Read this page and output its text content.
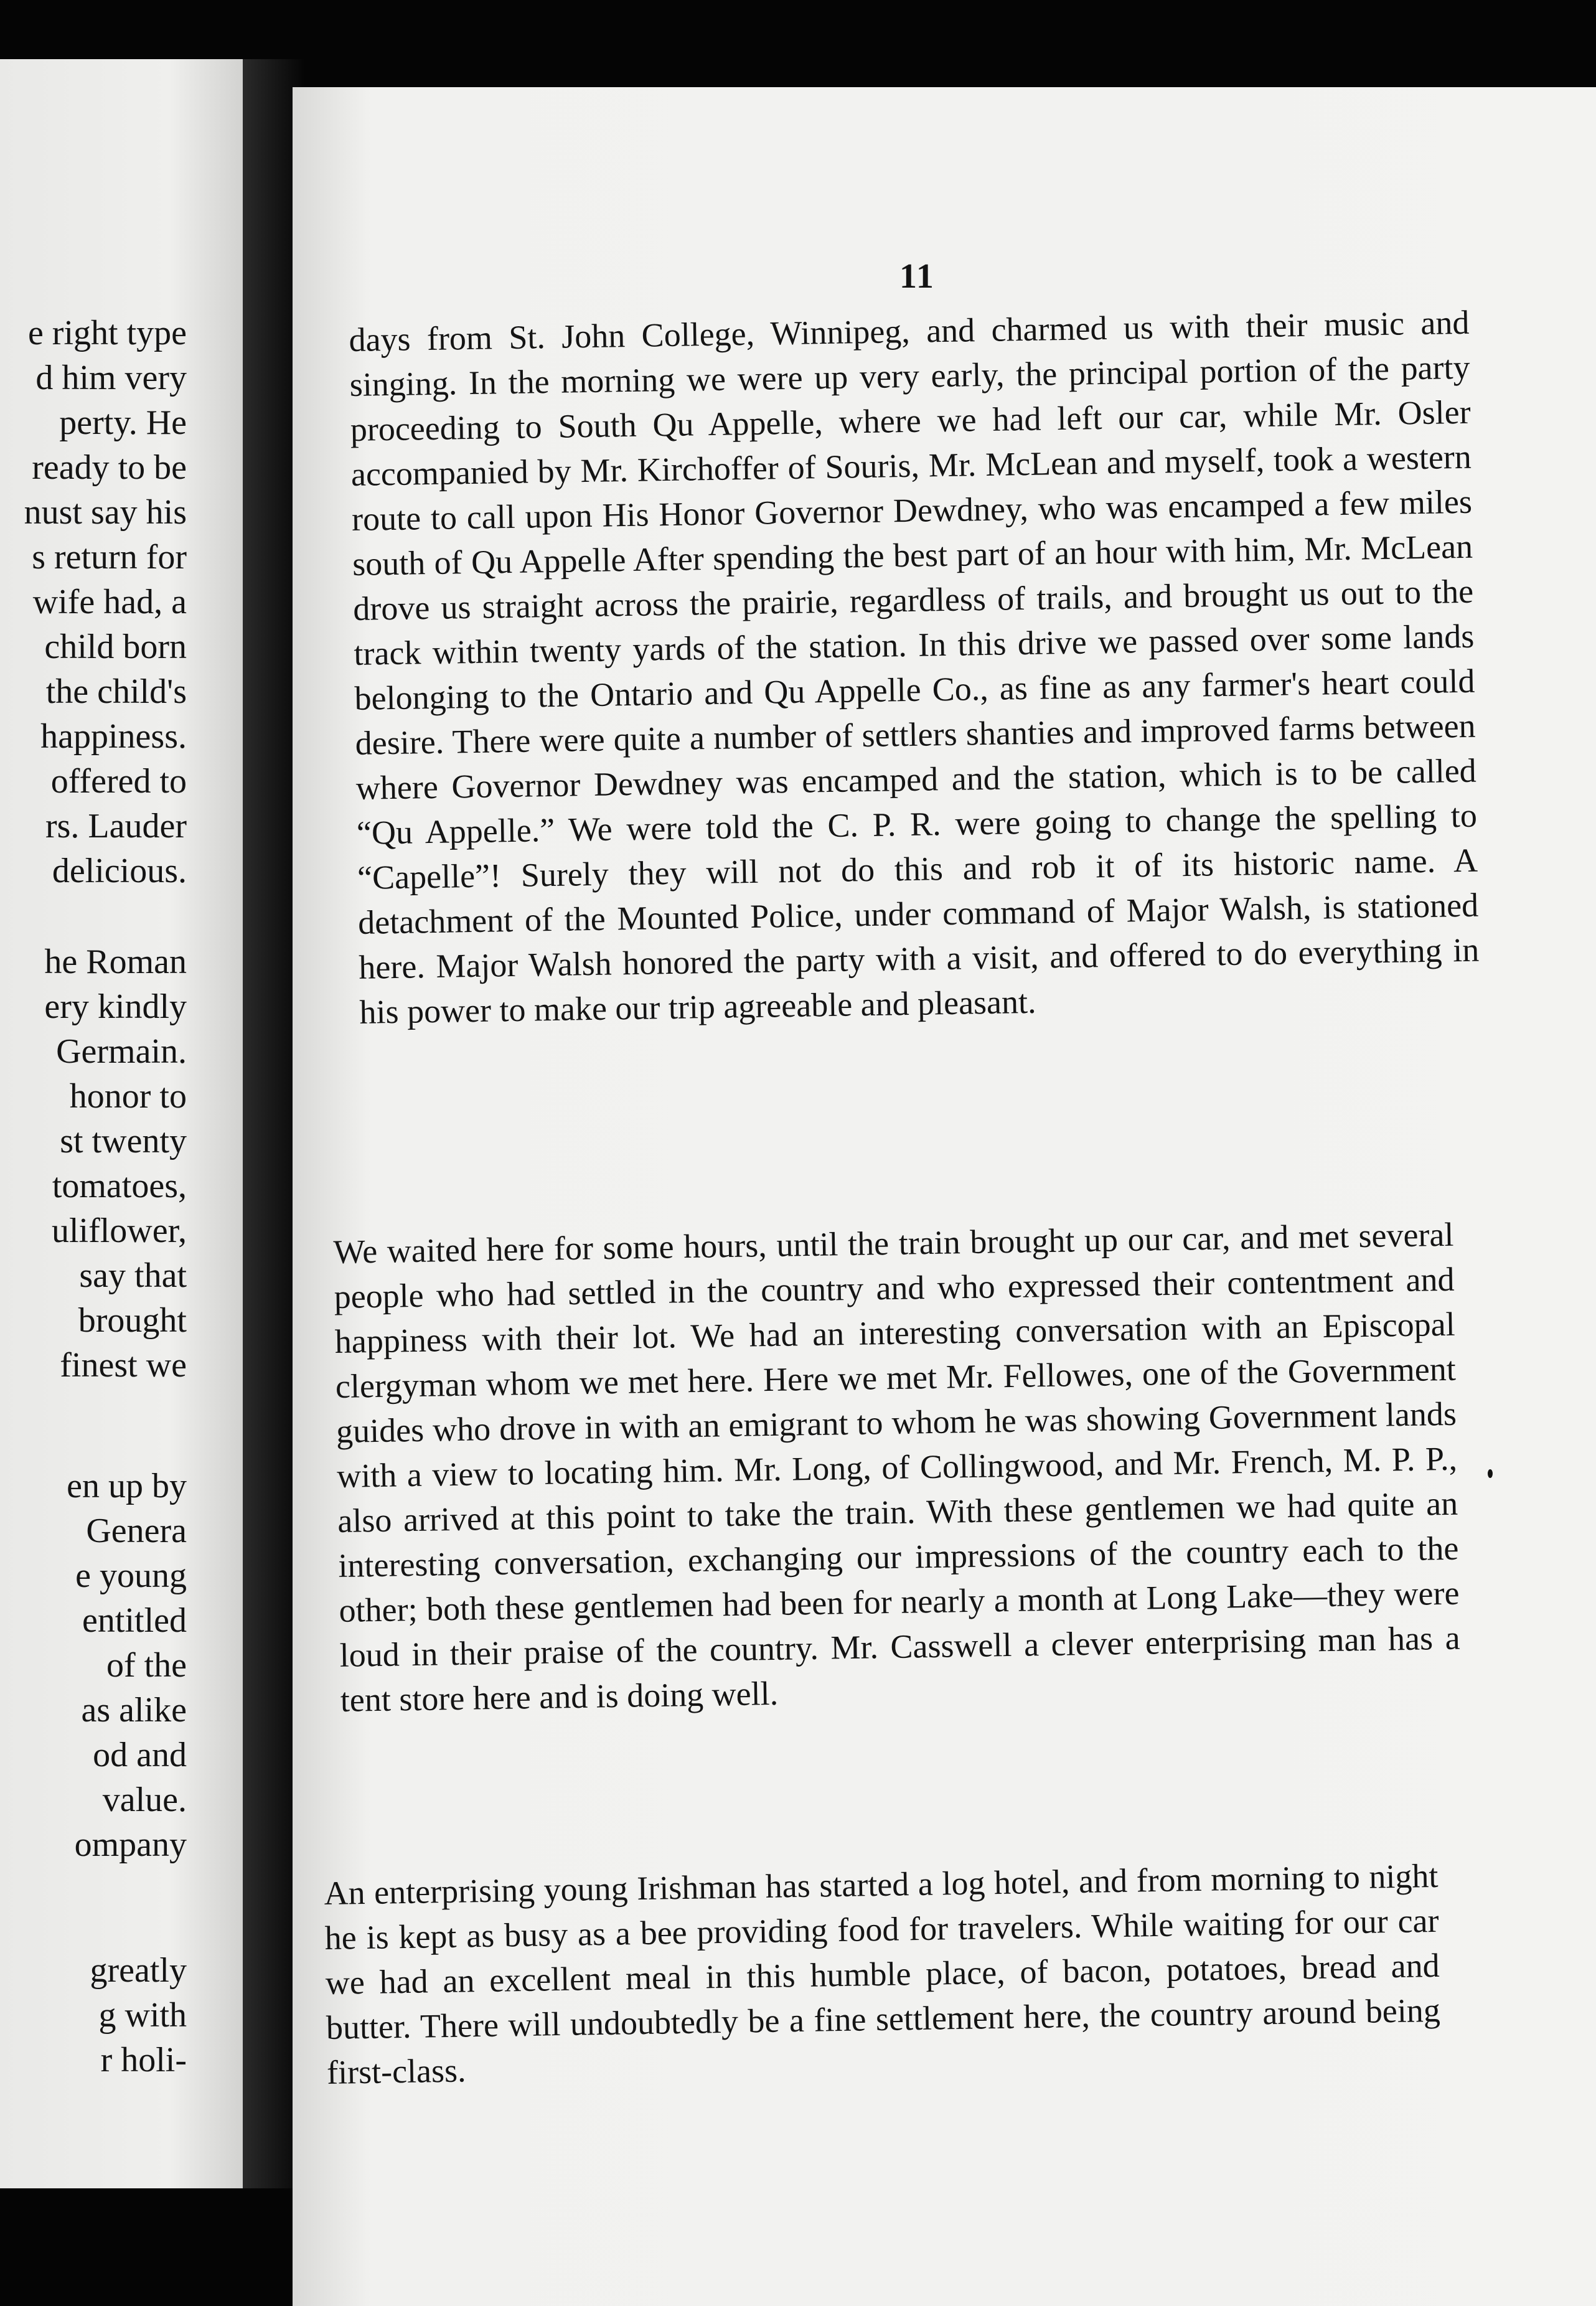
e right type
d him very
perty. He
ready to be
nust say his
s return for
wife had, a
child born
the child's
happiness.
offered to
rs. Lauder
delicious.
he Roman
ery kindly
Germain.
honor to
st twenty
tomatoes,
uliflower,
say that
brought
finest we
en up by
Genera
e young
entitled
of the
as alike
od and
value.
ompany
greatly
g with
r holi-
11
days from St. John College, Winnipeg, and charmed us with their music and singing. In the morning we were up very early, the principal portion of the party proceeding to South Qu Appelle, where we had left our car, while Mr. Osler accompanied by Mr. Kirchoffer of Souris, Mr. McLean and myself, took a western route to call upon His Honor Governor Dewdney, who was encamped a few miles south of Qu Appelle After spending the best part of an hour with him, Mr. McLean drove us straight across the prairie, regardless of trails, and brought us out to the track within twenty yards of the station. In this drive we passed over some lands belonging to the Ontario and Qu Appelle Co., as fine as any farmer's heart could desire. There were quite a number of settlers shanties and improved farms between where Governor Dewdney was encamped and the station, which is to be called “Qu Appelle.” We were told the C. P. R. were going to change the spelling to “Capelle”! Surely they will not do this and rob it of its historic name. A detachment of the Mounted Police, under command of Major Walsh, is stationed here. Major Walsh honored the party with a visit, and offered to do everything in his power to make our trip agreeable and pleasant.
We waited here for some hours, until the train brought up our car, and met several people who had settled in the country and who expressed their contentment and happiness with their lot. We had an interesting conversation with an Episcopal clergyman whom we met here. Here we met Mr. Fellowes, one of the Government guides who drove in with an emigrant to whom he was showing Government lands with a view to locating him. Mr. Long, of Collingwood, and Mr. French, M. P. P., also arrived at this point to take the train. With these gentlemen we had quite an interesting conversation, exchanging our impressions of the country each to the other; both these gentlemen had been for nearly a month at Long Lake—they were loud in their praise of the country. Mr. Casswell a clever enterprising man has a tent store here and is doing well.
An enterprising young Irishman has started a log hotel, and from morning to night he is kept as busy as a bee providing food for travelers. While waiting for our car we had an excellent meal in this humble place, of bacon, potatoes, bread and butter. There will undoubtedly be a fine settlement here, the country around being first-class.
